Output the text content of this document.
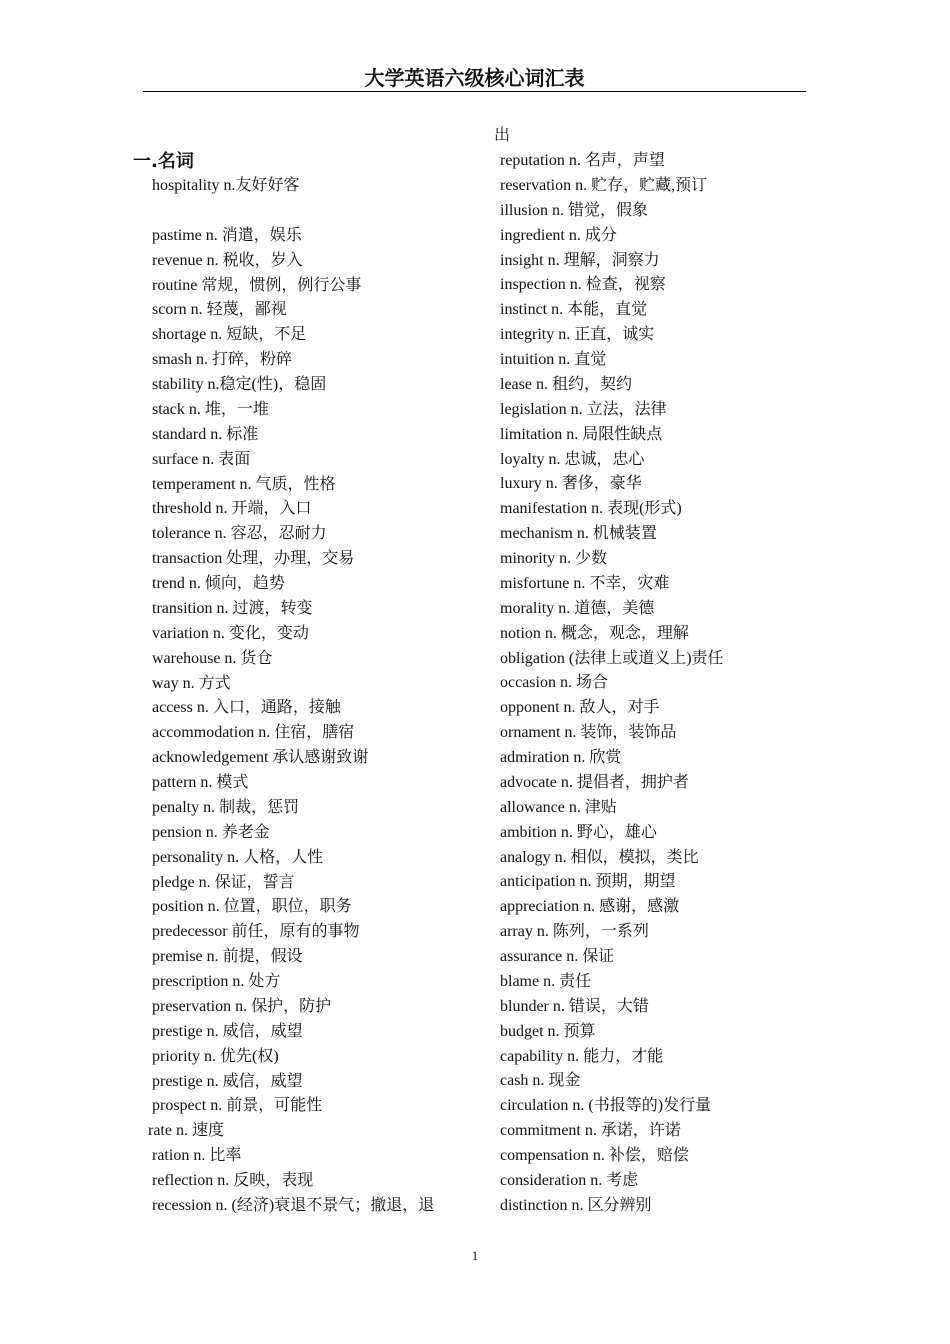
大学英语六级核心词汇表
一.名词
出
hospitality n.友好好客
pastime n. 消遣，娱乐
revenue n. 税收，岁入
routine 常规，惯例，例行公事
scorn n. 轻蔑，鄙视
shortage n. 短缺，不足
smash n. 打碎，粉碎
stability n.稳定(性)，稳固
stack n. 堆，一堆
standard n. 标准
surface n. 表面
temperament n. 气质，性格
threshold n. 开端，入口
tolerance n. 容忍，忍耐力
transaction 处理，办理，交易
trend n. 倾向，趋势
transition n. 过渡，转变
variation n. 变化，变动
warehouse n. 货仓
way n. 方式
access n. 入口，通路，接触
accommodation n. 住宿，膳宿
acknowledgement 承认感谢致谢
pattern n. 模式
penalty n. 制裁，惩罚
pension n. 养老金
personality n. 人格，人性
pledge n. 保证，誓言
position n. 位置，职位，职务
predecessor 前任，原有的事物
premise n. 前提，假设
prescription n. 处方
preservation n. 保护，防护
prestige n. 威信，威望
priority n. 优先(权)
prestige n. 威信，威望
prospect n. 前景，可能性
rate n. 速度
ration n. 比率
reflection n. 反映，表现
recession n. (经济)衰退不景气；撤退，退
reputation n. 名声，声望
reservation n. 贮存，贮藏,预订
illusion n. 错觉，假象
ingredient n. 成分
insight n. 理解，洞察力
inspection n. 检查，视察
instinct n. 本能，直觉
integrity n. 正直，诚实
intuition n. 直觉
lease n. 租约，契约
legislation n. 立法，法律
limitation n. 局限性缺点
loyalty n. 忠诚，忠心
luxury n. 奢侈，豪华
manifestation n. 表现(形式)
mechanism n. 机械装置
minority n. 少数
misfortune n. 不幸，灾难
morality n. 道德，美德
notion n. 概念，观念，理解
obligation (法律上或道义上)责任
occasion n. 场合
opponent n. 敌人，对手
ornament n. 装饰，装饰品
admiration n. 欣赏
advocate n. 提倡者，拥护者
allowance n. 津贴
ambition n. 野心，雄心
analogy n. 相似，模拟，类比
anticipation n. 预期，期望
appreciation n. 感谢，感激
array n. 陈列，一系列
assurance n. 保证
blame n. 责任
blunder n. 错误，大错
budget n. 预算
capability n. 能力，才能
cash n. 现金
circulation n. (书报等的)发行量
commitment n. 承诺，许诺
compensation n. 补偿，赔偿
consideration n. 考虑
distinction n. 区分辨别
1
